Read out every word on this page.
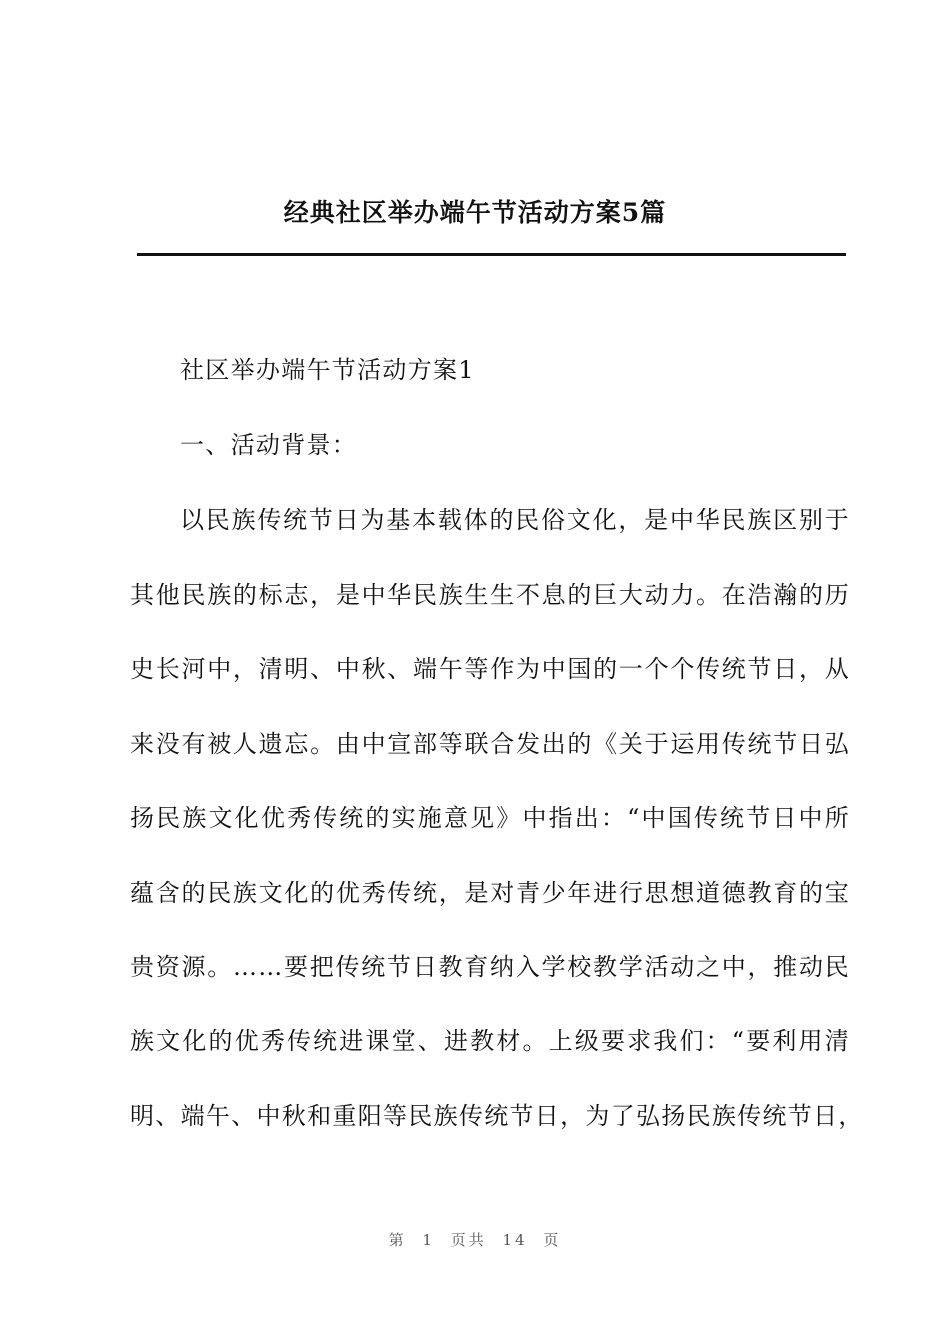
经典社区举办端午节活动方案5篇
社区举办端午节活动方案1
一、活动背景：
以民族传统节日为基本载体的民俗文化，是中华民族区别于
其他民族的标志，是中华民族生生不息的巨大动力。在浩瀚的历
史长河中，清明、中秋、端午等作为中国的一个个传统节日，从
来没有被人遗忘。由中宣部等联合发出的《关于运用传统节日弘
扬民族文化优秀传统的实施意见》中指出：“中国传统节日中所
蕴含的民族文化的优秀传统，是对青少年进行思想道德教育的宝
贵资源。……要把传统节日教育纳入学校教学活动之中，推动民
族文化的优秀传统进课堂、进教材。上级要求我们：“要利用清
明、端午、中秋和重阳等民族传统节日，为了弘扬民族传统节日，
第 1 页共 14 页
